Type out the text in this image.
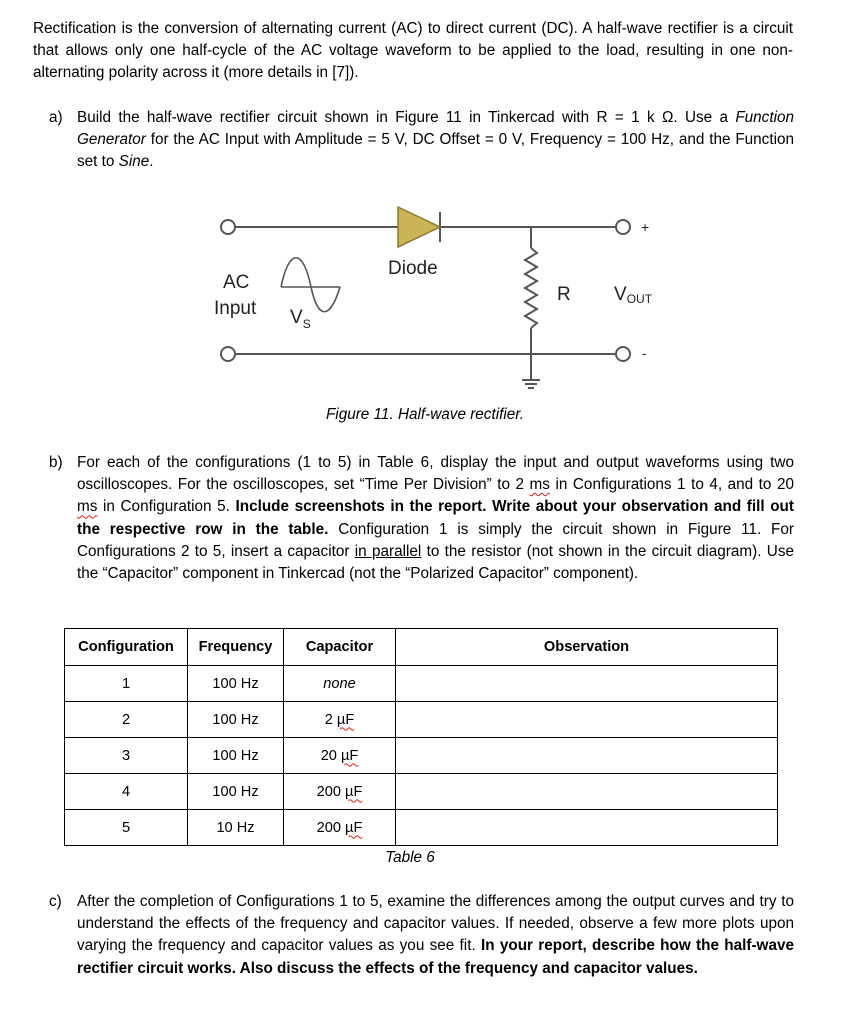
Rectification is the conversion of alternating current (AC) to direct current (DC). A half-wave rectifier is a circuit that allows only one half-cycle of the AC voltage waveform to be applied to the load, resulting in one non-alternating polarity across it (more details in [7]).

a) Build the half-wave rectifier circuit shown in Figure 11 in Tinkercad with R = 1 k Ω. Use a Function Generator for the AC Input with Amplitude = 5 V, DC Offset = 0 V, Frequency = 100 Hz, and the Function set to Sine.
AC
Input $V_S$
Diode
R VOUT
+
-
Figure 11. Half-wave rectifier.
b) For each of the configurations (1 to 5) in Table 6, display the input and output waveforms using two oscilloscopes. For the oscilloscopes, set “Time Per Division” to 2 ms in Configurations 1 to 4, and to 20 ms in Configuration 5. Include screenshots in the report. Write about your observation and fill out the respective row in the table. Configuration 1 is simply the circuit shown in Figure 11. For Configurations 2 to 5, insert a capacitor in parallel to the resistor (not shown in the circuit diagram). Use the “Capacitor” component in Tinkercad (not the “Polarized Capacitor” component).
Configuration	Frequency	Capacitor	Observation
1	100 Hz	none	
2	100 Hz	2 µF	
3	100 Hz	20 µF	
4	100 Hz	200 µF	
5	10 Hz	200 µF	
Table 6
c) After the completion of Configurations 1 to 5, examine the differences among the output curves and try to understand the effects of the frequency and capacitor values. If needed, observe a few more plots upon varying the frequency and capacitor values as you see fit. In your report, describe how the half-wave rectifier circuit works. Also discuss the effects of the frequency and capacitor values.
